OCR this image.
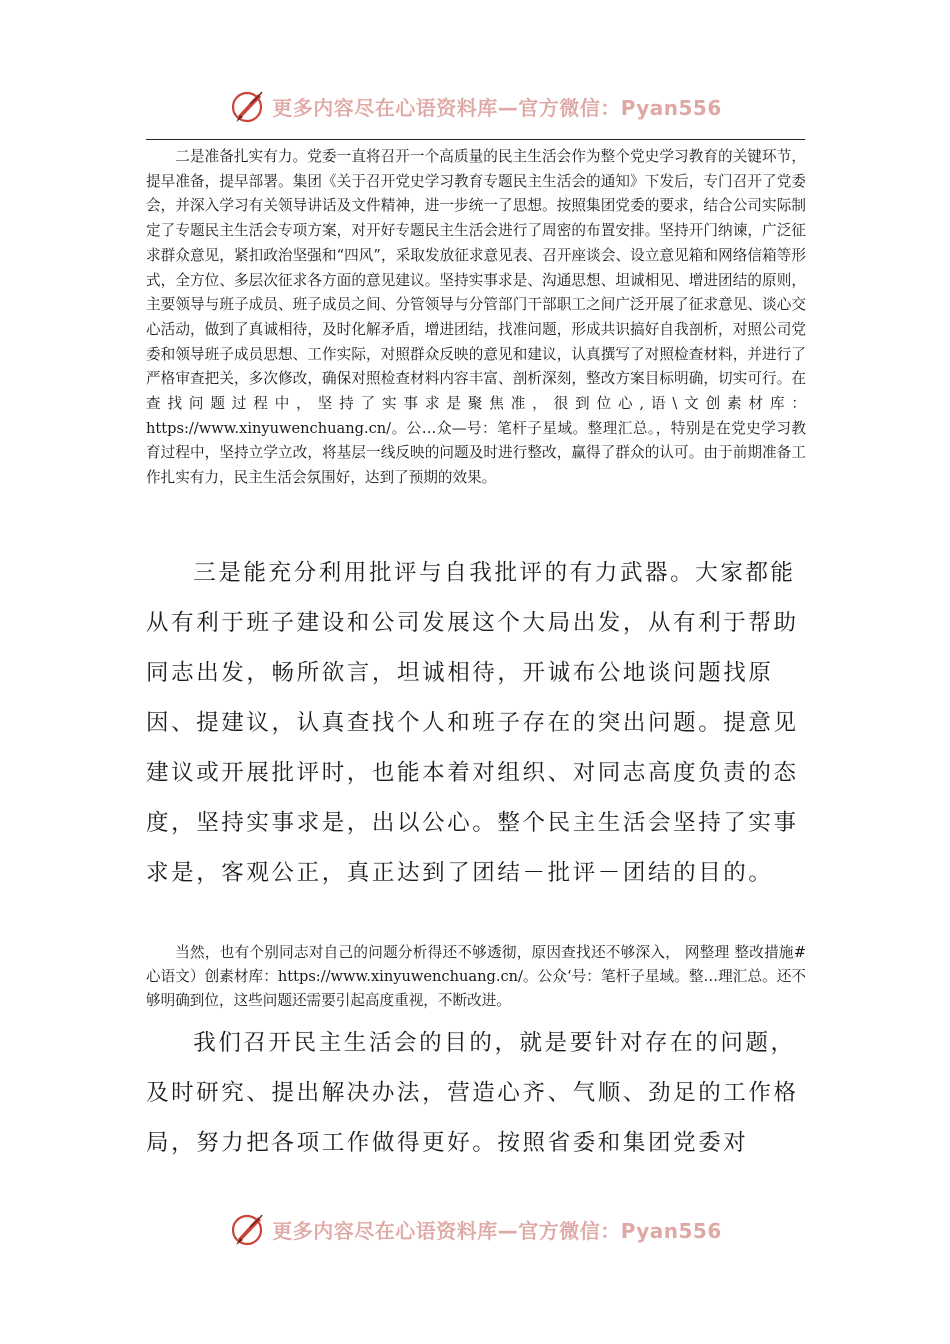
更多内容尽在心语资料库—官方微信：Pyan556

二是准备扎实有力。党委一直将召开一个高质量的民主生活会作为整个党史学习教育的关键环节，提早准备，提早部署。集团《关于召开党史学习教育专题民主生活会的通知》下发后，专门召开了党委会，并深入学习有关领导讲话及文件精神，进一步统一了思想。按照集团党委的要求，结合公司实际制定了专题民主生活会专项方案，对开好专题民主生活会进行了周密的布置安排。坚持开门纳谏，广泛征求群众意见，紧扣政治坚强和“四风”，采取发放征求意见表、召开座谈会、设立意见箱和网络信箱等形式，全方位、多层次征求各方面的意见建议。坚持实事求是、沟通思想、坦诚相见、增进团结的原则，主要领导与班子成员、班子成员之间、分管领导与分管部门干部职工之间广泛开展了征求意见、谈心交心活动，做到了真诚相待，及时化解矛盾，增进团结，找准问题，形成共识搞好自我剖析，对照公司党委和领导班子成员思想、工作实际，对照群众反映的意见和建议，认真撰写了对照检查材料，并进行了严格审查把关，多次修改，确保对照检查材料内容丰富、剖析深刻，整改方案目标明确，切实可行。在查找问题过程中，坚持了实事求是聚焦准，很到位心,语\文创素材库：https://www.xinyuwenchuang.cn/。公…众—号：笔杆子星域。整理汇总。，特别是在党史学习教育过程中，坚持立学立改，将基层一线反映的问题及时进行整改，赢得了群众的认可。由于前期准备工作扎实有力，民主生活会氛围好，达到了预期的效果。

三是能充分利用批评与自我批评的有力武器。大家都能从有利于班子建设和公司发展这个大局出发，从有利于帮助同志出发，畅所欲言，坦诚相待，开诚布公地谈问题找原因、提建议，认真查找个人和班子存在的突出问题。提意见建议或开展批评时，也能本着对组织、对同志高度负责的态度，坚持实事求是，出以公心。整个民主生活会坚持了实事求是，客观公正，真正达到了团结－批评－团结的目的。

当然，也有个别同志对自己的问题分析得还不够透彻，原因查找还不够深入， 网整理 整改措施#心语文）创素材库：https://www.xinyuwenchuang.cn/。公众‘号：笔杆子星域。整…理汇总。还不够明确到位，这些问题还需要引起高度重视，不断改进。

我们召开民主生活会的目的，就是要针对存在的问题，及时研究、提出解决办法，营造心齐、气顺、劲足的工作格局，努力把各项工作做得更好。按照省委和集团党委对

更多内容尽在心语资料库—官方微信：Pyan556
